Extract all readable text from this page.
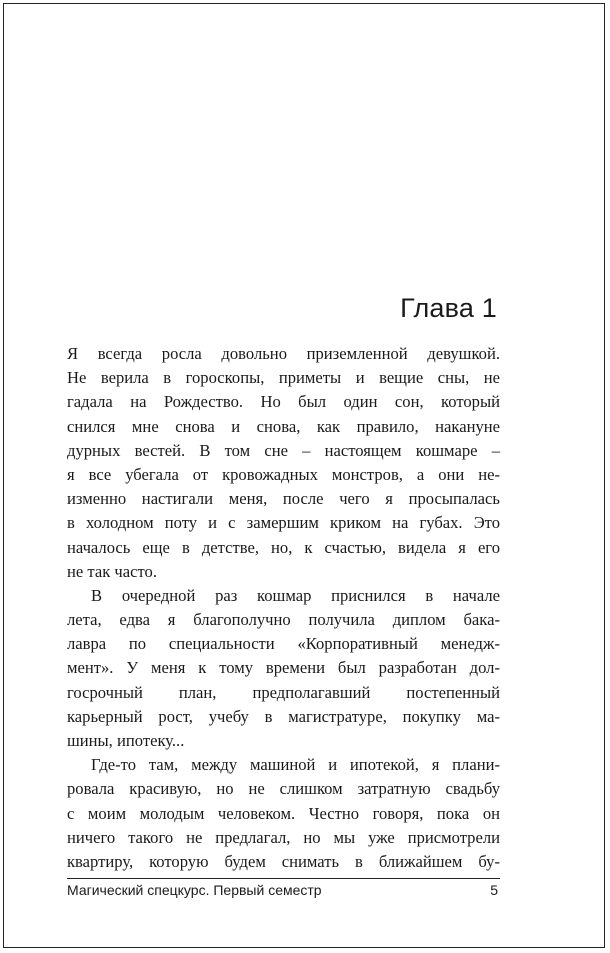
Глава 1
Я всегда росла довольно приземленной девушкой.
Не верила в гороскопы, приметы и вещие сны, не
гадала на Рождество. Но был один сон, который
снился мне снова и снова, как правило, накануне
дурных вестей. В том сне – настоящем кошмаре –
я все убегала от кровожадных монстров, а они не-
изменно настигали меня, после чего я просыпалась
в холодном поту и с замершим криком на губах. Это
началось еще в детстве, но, к счастью, видела я его
не так часто.
В очередной раз кошмар приснился в начале
лета, едва я благополучно получила диплом бака-
лавра по специальности «Корпоративный менедж-
мент». У меня к тому времени был разработан дол-
госрочный план, предполагавший постепенный
карьерный рост, учебу в магистратуре, покупку ма-
шины, ипотеку...
Где-то там, между машиной и ипотекой, я плани-
ровала красивую, но не слишком затратную свадьбу
с моим молодым человеком. Честно говоря, пока он
ничего такого не предлагал, но мы уже присмотрели
квартиру, которую будем снимать в ближайшем бу-
Магический спецкурс. Первый семестр	5
